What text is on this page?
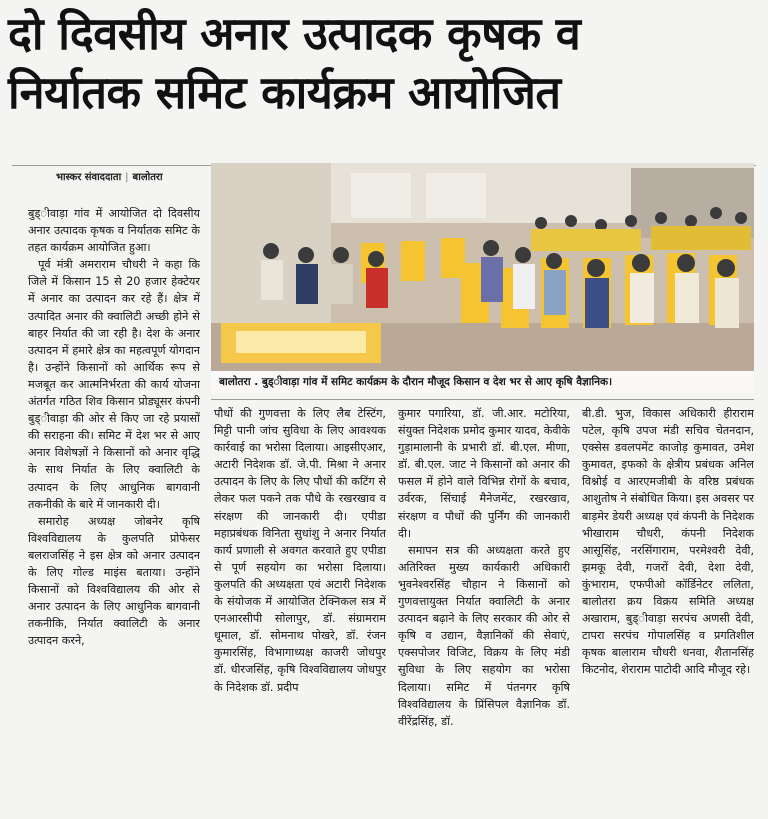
दो दिवसीय अनार उत्पादक कृषक व
निर्यातक समिट कार्यक्रम आयोजित
भास्कर संवाददाता | बालोतरा
बालोतरा . बुड्‌ीवाड़ा गांव में समिट कार्यक्रम के दौरान मौजूद किसान व देश भर से आए कृषि वैज्ञानिक।

बुड्‌ीवाड़ा गांव में आयोजित दो दिवसीय अनार उत्पादक कृषक व निर्यातक समिट के तहत कार्यक्रम आयोजित हुआ।

पूर्व मंत्री अमराराम चौधरी ने कहा कि जिले में किसान 15 से 20 हजार हेक्टेयर में अनार का उत्पादन कर रहे हैं। क्षेत्र में उत्पादित अनार की क्वालिटी अच्छी होने से बाहर निर्यात की जा रही है। देश के अनार उत्पादन में हमारे क्षेत्र का महत्वपूर्ण योगदान है। उन्होंने किसानों को आर्थिक रूप से मजबूत कर आत्मनिर्भरता की कार्य योजना अंतर्गत गठित शिव किसान प्रोड्यूसर कंपनी बुड्‌ीवाड़ा की ओर से किए जा रहे प्रयासों की सराहना की। समिट में देश भर से आए अनार विशेषज्ञों ने किसानों को अनार वृद्धि के साथ निर्यात के लिए क्वालिटी के उत्पादन के लिए आधुनिक बागवानी तकनीकी के बारे में जानकारी दी।

समारोह अध्यक्ष जोबनेर कृषि विश्वविद्यालय के कुलपति प्रोफेसर बलराजसिंह ने इस क्षेत्र को अनार उत्पादन के लिए गोल्ड माइंस बताया। उन्होंने किसानों को विश्वविद्यालय की ओर से अनार उत्पादन के लिए आधुनिक बागवानी तकनीकि, निर्यात क्वालिटी के अनार उत्पादन करने,

पौधों की गुणवत्ता के लिए लैब टेस्टिंग, मिट्टी पानी जांच सुविधा के लिए आवश्यक कार्रवाई का भरोसा दिलाया। आइसीएआर, अटारी निदेशक डॉ. जे.पी. मिश्रा ने अनार उत्पादन के लिए के लिए पौधों की कटिंग से लेकर फल पकने तक पौधे के रखरखाव व संरक्षण की जानकारी दी। एपीडा महाप्रबंधक विनिता सुधांशु ने अनार निर्यात कार्य प्रणाली से अवगत करवाते हुए एपीडा से पूर्ण सहयोग का भरोसा दिलाया। कुलपति की अध्यक्षता एवं अटारी निदेशक के संयोजक में आयोजित टेक्निकल सत्र में एनआरसीपी सोलापुर, डॉ. संग्रामराम धूमाल, डॉ. सोमनाथ पोखरे, डॉ. रंजन कुमारसिंह, विभागाध्यक्ष काजरी जोधपुर डॉ. धीरजसिंह, कृषि विश्वविद्यालय जोधपुर के निदेशक डॉ. प्रदीप

कुमार पगारिया, डॉ. जी.आर. मटोरिया, संयुक्त निदेशक प्रमोद कुमार यादव, केवीके गुड़ामालानी के प्रभारी डॉ. बी.एल. मीणा, डॉ. बी.एल. जाट ने किसानों को अनार की फसल में होने वाले विभिन्न रोगों के बचाव, उर्वरक, सिंचाई मैनेजमेंट, रखरखाव, संरक्षण व पौधों की पुर्निंग की जानकारी दी।

समापन सत्र की अध्यक्षता करते हुए अतिरिक्त मुख्य कार्यकारी अधिकारी भुवनेश्वरसिंह चौहान ने किसानों को गुणवत्तायुक्त निर्यात क्वालिटी के अनार उत्पादन बढ़ाने के लिए सरकार की ओर से कृषि व उद्यान, वैज्ञानिकों की सेवाएं, एक्सपोजर विजिट, विक्रय के लिए मंडी सुविधा के लिए सहयोग का भरोसा दिलाया। समिट में पंतनगर कृषि विश्वविद्यालय के प्रिंसिपल वैज्ञानिक डॉ. वीरेंद्रसिंह, डॉ.

बी.डी. भुज, विकास अधिकारी हीराराम पटेल, कृषि उपज मंडी सचिव चेतनदान, एक्सेस डवलपमेंट काजोड़ कुमावत, उमेश कुमावत, इफको के क्षेत्रीय प्रबंधक अनिल विश्नोई व आरएमजीबी के वरिष्ठ प्रबंधक आशुतोष ने संबोधित किया। इस अवसर पर बाड़मेर डेयरी अध्यक्ष एवं कंपनी के निदेशक भीखाराम चौधरी, कंपनी निदेशक आसूसिंह, नरसिंगाराम, परमेश्वरी देवी, झमकू देवी, गजरों देवी, देशा देवी, कुंभाराम, एफपीओ कॉर्डिनेटर ललिता, बालोतरा क्रय विक्रय समिति अध्यक्ष अखाराम, बुड्‌ीवाड़ा सरपंच अणसी देवी, टापरा सरपंच गोपालसिंह व प्रगतिशील कृषक बालाराम चौधरी धनवा, शैतानसिंह किटनोद, शेराराम पाटोदी आदि मौजूद रहे।
